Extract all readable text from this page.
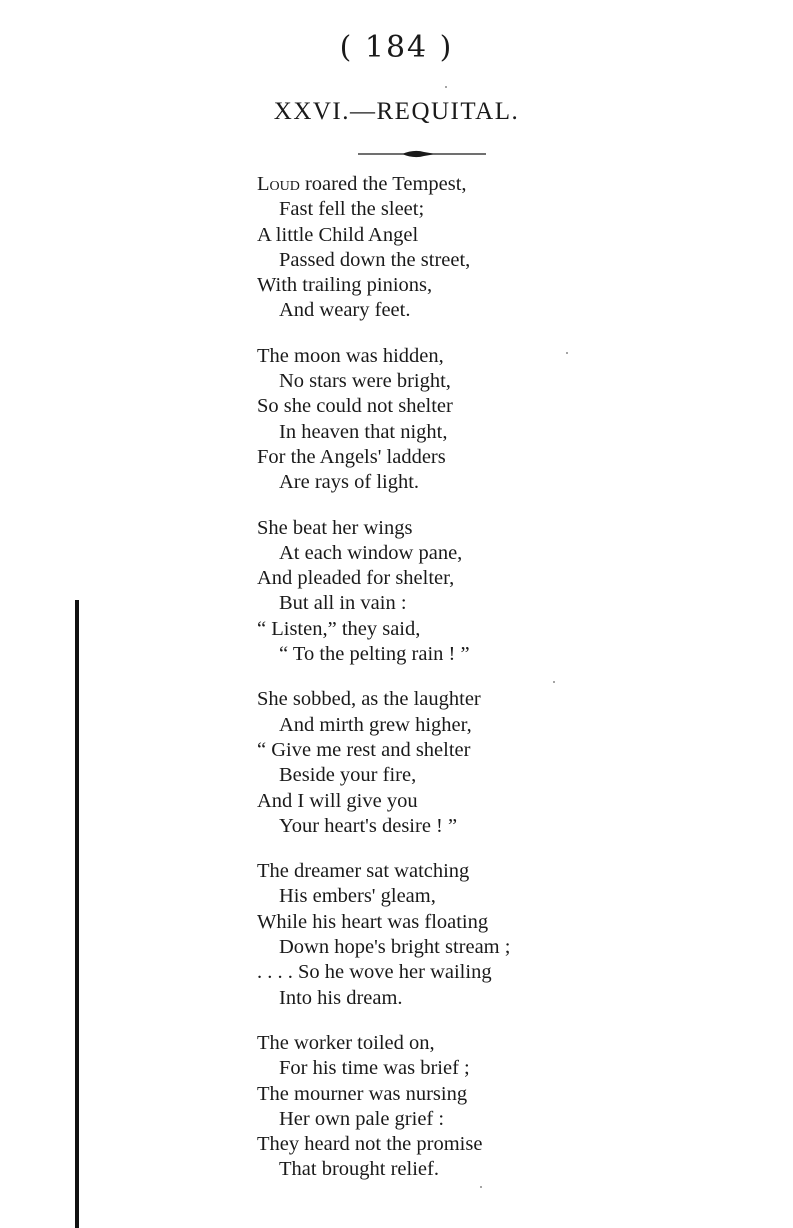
( 184 )
XXVI.—REQUITAL.
Loud roared the Tempest,
Fast fell the sleet;
A little Child Angel
Passed down the street,
With trailing pinions,
And weary feet.
The moon was hidden,
No stars were bright,
So she could not shelter
In heaven that night,
For the Angels' ladders
Are rays of light.
She beat her wings
At each window pane,
And pleaded for shelter,
But all in vain :
“ Listen,” they said,
“ To the pelting rain ! ”
She sobbed, as the laughter
And mirth grew higher,
“ Give me rest and shelter
Beside your fire,
And I will give you
Your heart's desire ! ”
The dreamer sat watching
His embers' gleam,
While his heart was floating
Down hope's bright stream ;
. . . . So he wove her wailing
Into his dream.
The worker toiled on,
For his time was brief ;
The mourner was nursing
Her own pale grief :
They heard not the promise
That brought relief.
